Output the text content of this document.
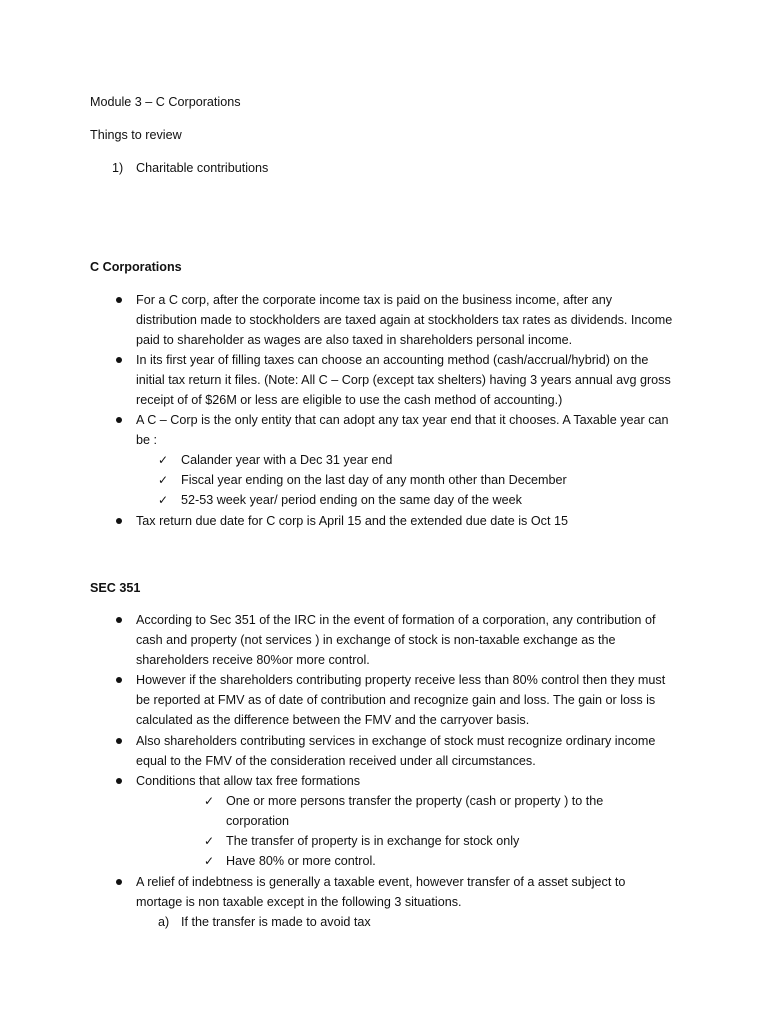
Module 3 – C Corporations
Things to review
1) Charitable contributions
C Corporations
For a C corp, after the corporate income tax is paid on the business income, after any
distribution made to stockholders are taxed again at stockholders tax rates as dividends. Income
paid to shareholder as wages are also taxed in shareholders personal income.
In its first year of filling taxes can choose an accounting method (cash/accrual/hybrid) on the
initial tax return it files. (Note: All C – Corp (except tax shelters) having 3 years annual avg gross
receipt of of $26M or less are eligible to use the cash method of accounting.)
A C – Corp is the only entity that can adopt any tax year end that it chooses. A Taxable year can
be :
✓ Calander year with a Dec 31 year end
✓ Fiscal year ending on the last day of any month other than December
✓ 52-53 week year/ period ending on the same day of the week
Tax return due date for C corp is April 15 and the extended due date is Oct 15
SEC 351
According to Sec 351 of the IRC in the event of formation of a corporation, any contribution of
cash and property (not services ) in exchange of stock is non-taxable exchange as the
shareholders receive 80%or more control.
However if the shareholders contributing property receive less than 80% control then they must
be reported at FMV as of date of contribution and recognize gain and loss. The gain or loss is
calculated as the difference between the FMV and the carryover basis.
Also shareholders contributing services in exchange of stock must recognize ordinary income
equal to the FMV of the consideration received under all circumstances.
Conditions that allow tax free formations
✓ One or more persons transfer the property (cash or property ) to the
corporation
✓ The transfer of property is in exchange for stock only
✓ Have 80% or more control.
A relief of indebtness is generally a taxable event, however transfer of a asset subject to
mortage is non taxable except in the following 3 situations.
a) If the transfer is made to avoid tax
